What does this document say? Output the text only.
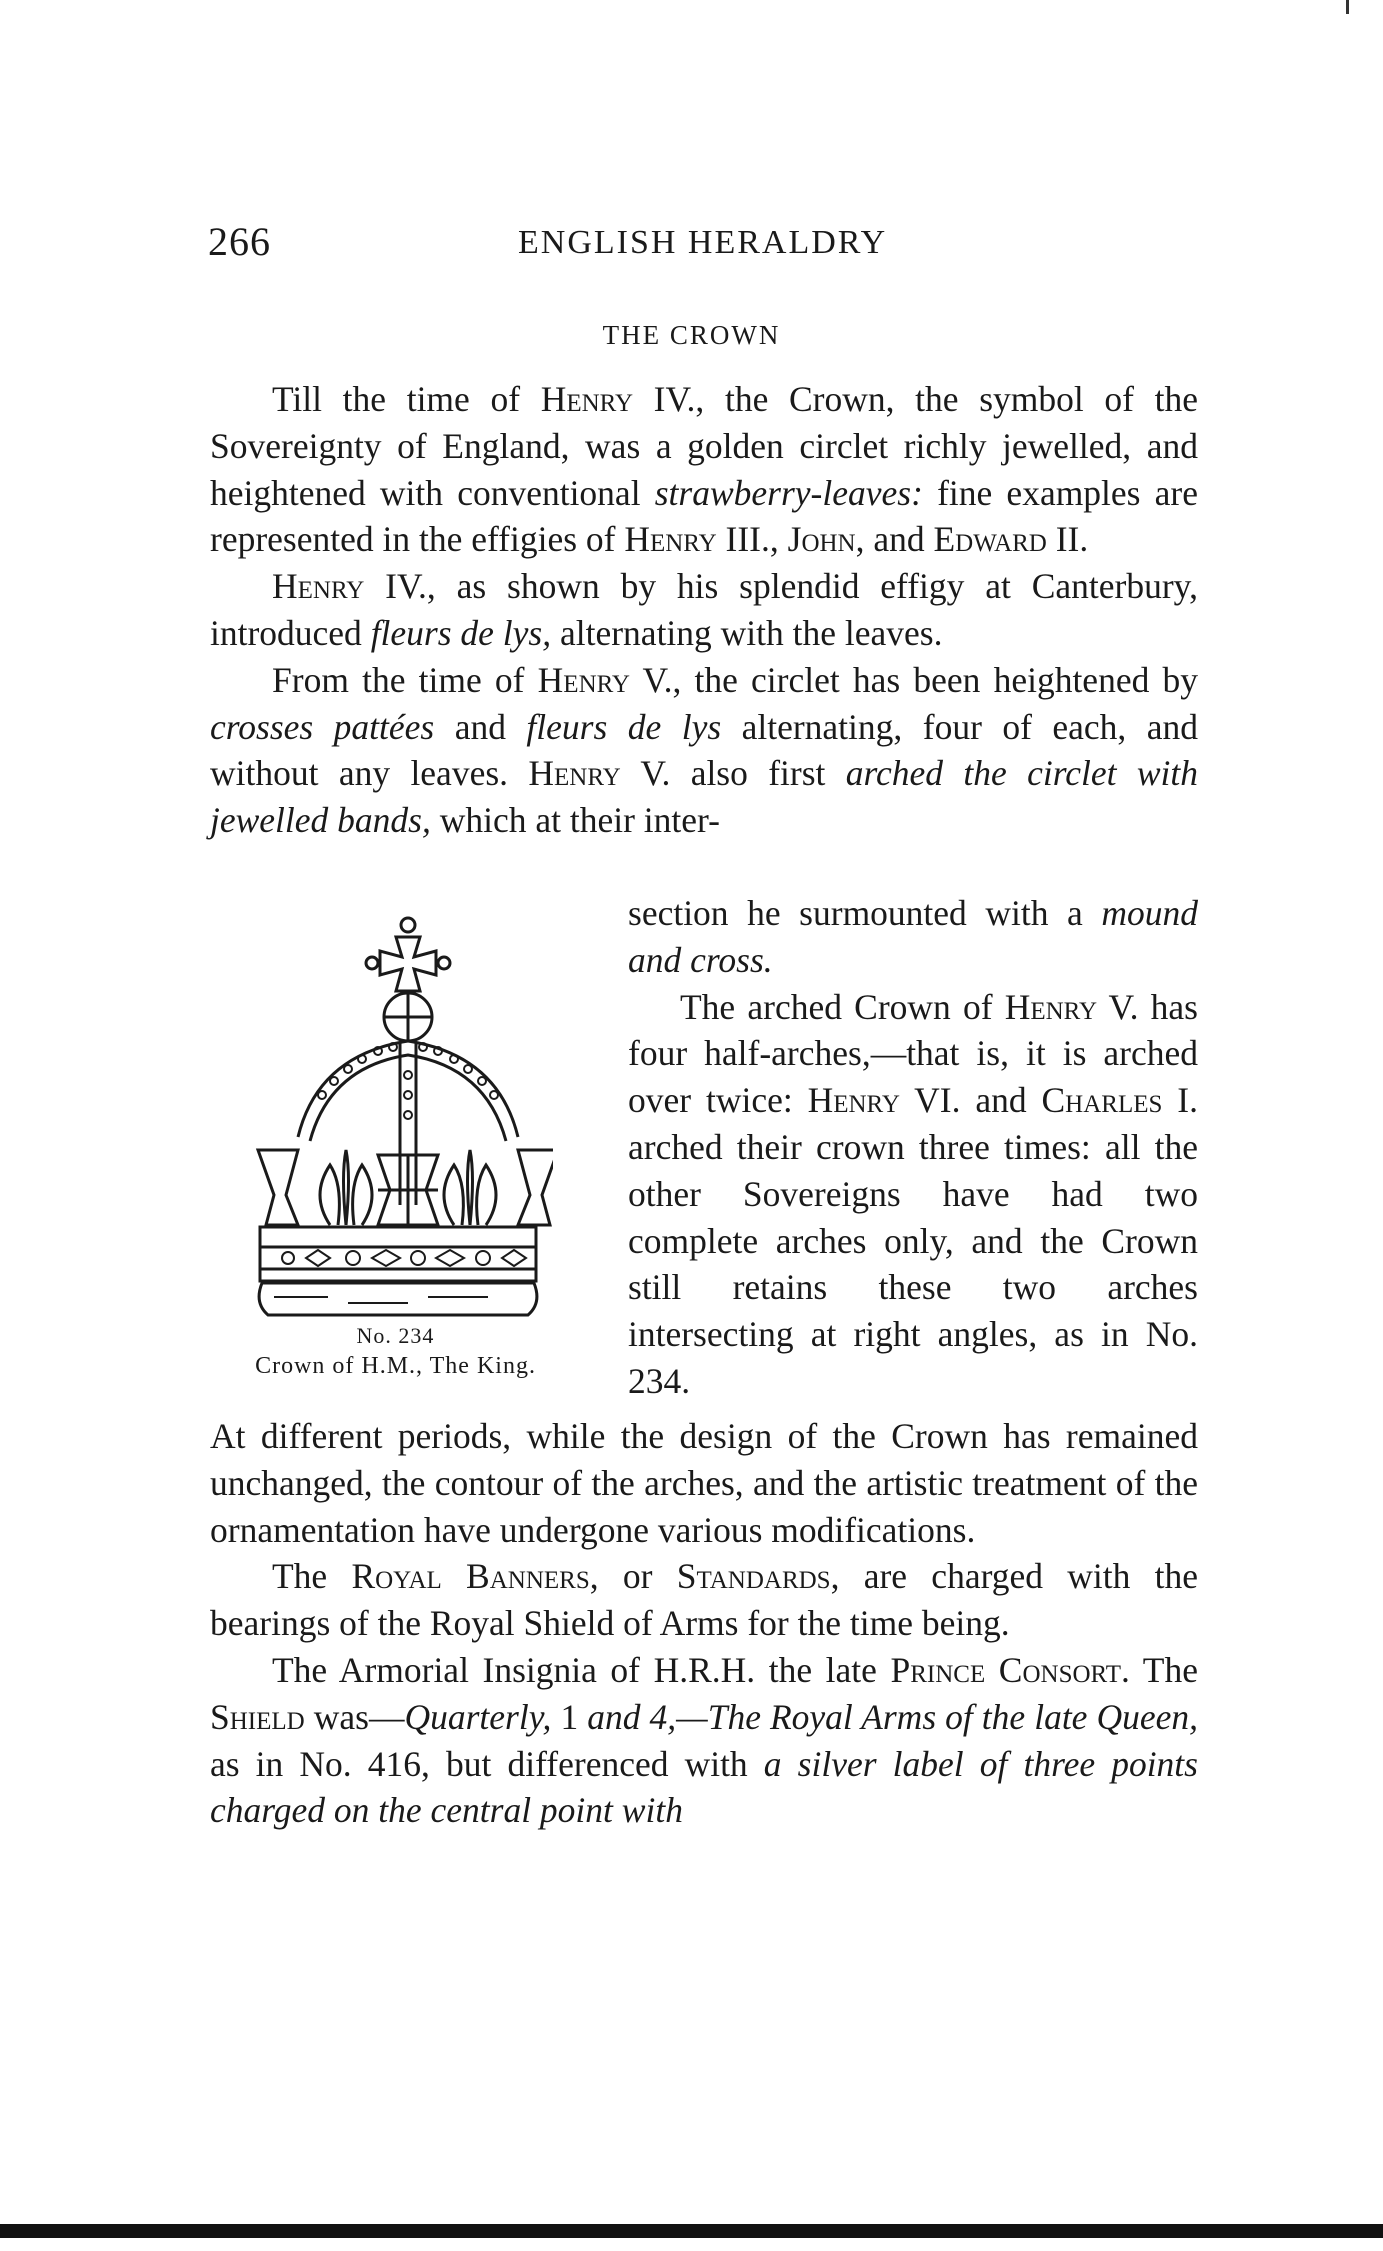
266	ENGLISH HERALDRY
THE CROWN

Till the time of Henry IV., the Crown, the symbol of the Sovereignty of England, was a golden circlet richly jewelled, and heightened with conventional strawberry-leaves: fine examples are represented in the effigies of Henry III., John, and Edward II.

Henry IV., as shown by his splendid effigy at Canterbury, introduced fleurs de lys, alternating with the leaves.

From the time of Henry V., the circlet has been heightened by crosses pattées and fleurs de lys alternating, four of each, and without any leaves. Henry V. also first arched the circlet with jewelled bands, which at their inter-

No. 234
Crown of H.M., The King.

section he surmounted with a mound and cross.

The arched Crown of Henry V. has four half-arches,—that is, it is arched over twice: Henry VI. and Charles I. arched their crown three times: all the other Sovereigns have had two complete arches only, and the Crown still retains these two arches intersecting at right angles, as in No. 234.

At different periods, while the design of the Crown has remained unchanged, the contour of the arches, and the artistic treatment of the ornamentation have undergone various modifications.

The Royal Banners, or Standards, are charged with the bearings of the Royal Shield of Arms for the time being.

The Armorial Insignia of H.R.H. the late Prince Consort. The Shield was—Quarterly, 1 and 4,—The Royal Arms of the late Queen, as in No. 416, but differenced with a silver label of three points charged on the central point with
